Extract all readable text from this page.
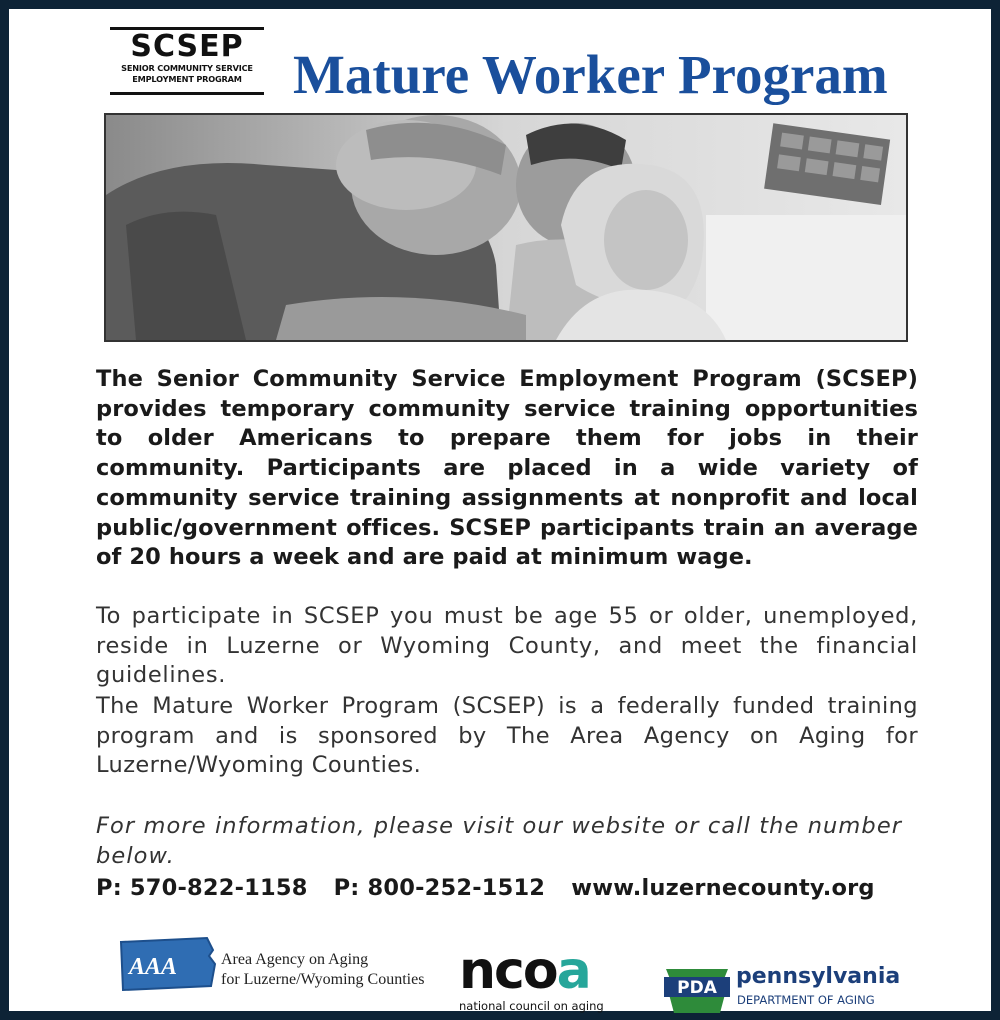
SCSEP
SENIOR COMMUNITY SERVICE
EMPLOYMENT PROGRAM Mature Worker Program

The Senior Community Service Employment Program (SCSEP) provides temporary community service training opportunities to older Americans to prepare them for jobs in their community. Participants are placed in a wide variety of community service training assignments at nonprofit and local public/government offices. SCSEP participants train an average of 20 hours a week and are paid at minimum wage.

To participate in SCSEP you must be age 55 or older, unemployed, reside in Luzerne or Wyoming County, and meet the financial guidelines.

The Mature Worker Program (SCSEP) is a federally funded training program and is sponsored by The Area Agency on Aging for Luzerne/Wyoming Counties.

For more information, please visit our website or call the number below.

P: 570-822-1158 P: 800-252-1512 www.luzernecounty.org
AAA	Area Agency on Aging
for Luzerne/Wyoming Counties ncoa
national council on aging
PDA pennsylvania
DEPARTMENT OF AGING
